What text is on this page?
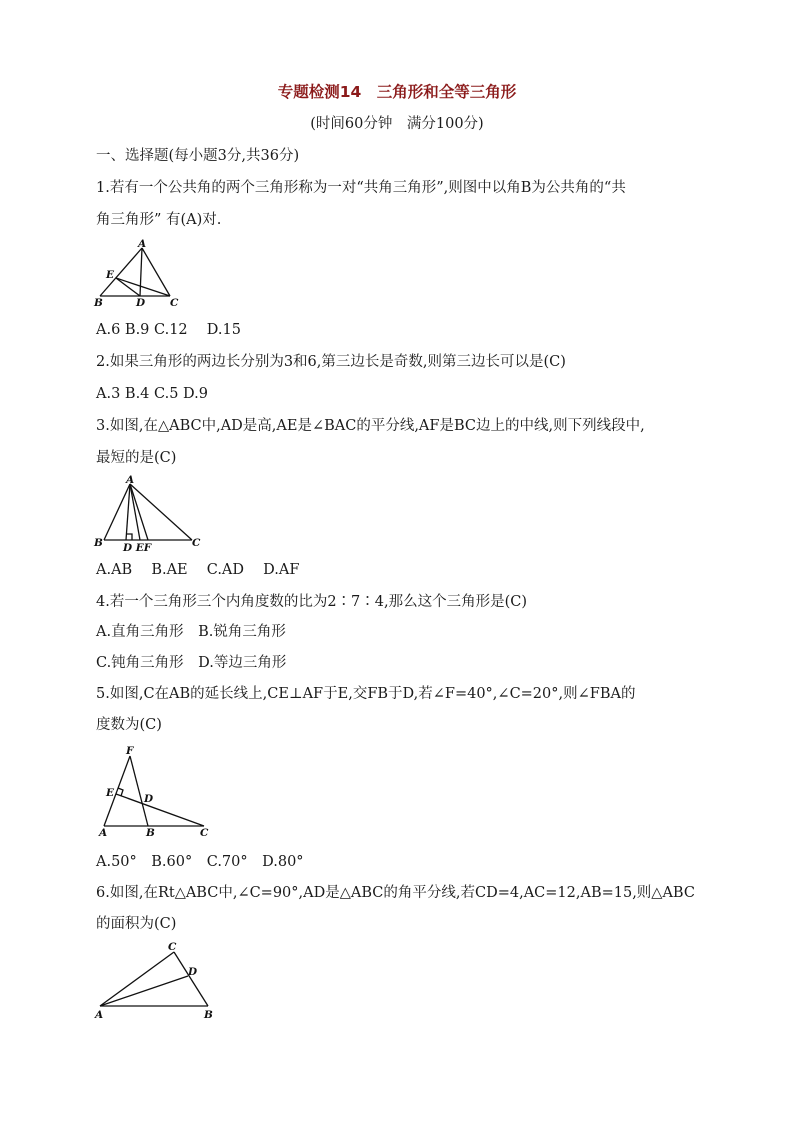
专题检测14　三角形和全等三角形
(时间60分钟　满分100分)
一、选择题(每小题3分,共36分)
1.若有一个公共角的两个三角形称为一对“共角三角形”,则图中以角B为公共角的“共
角三角形” 有(A)对.
A
E
B	D C
A.6 B.9 C.12　 D.15
2.如果三角形的两边长分别为3和6,第三边长是奇数,则第三边长可以是(C)
A.3 B.4 C.5 D.9
3.如图,在△ABC中,AD是高,AE是∠BAC的平分线,AF是BC边上的中线,则下列线段中,
最短的是(C)
A
B D EF	C
A.AB　 B.AE　 C.AD　 D.AF
4.若一个三角形三个内角度数的比为2∶7∶4,那么这个三角形是(C)
A.直角三角形　B.锐角三角形
C.钝角三角形　D.等边三角形
5.如图,C在AB的延长线上,CE⊥AF于E,交FB于D,若∠F=40°,∠C=20°,则∠FBA的
度数为(C)
F
E	D
A	B	C
A.50°　B.60°　C.70°　D.80°
6.如图,在Rt△ABC中,∠C=90°,AD是△ABC的角平分线,若CD=4,AC=12,AB=15,则△ABC
的面积为(C)
C
D
A	B
